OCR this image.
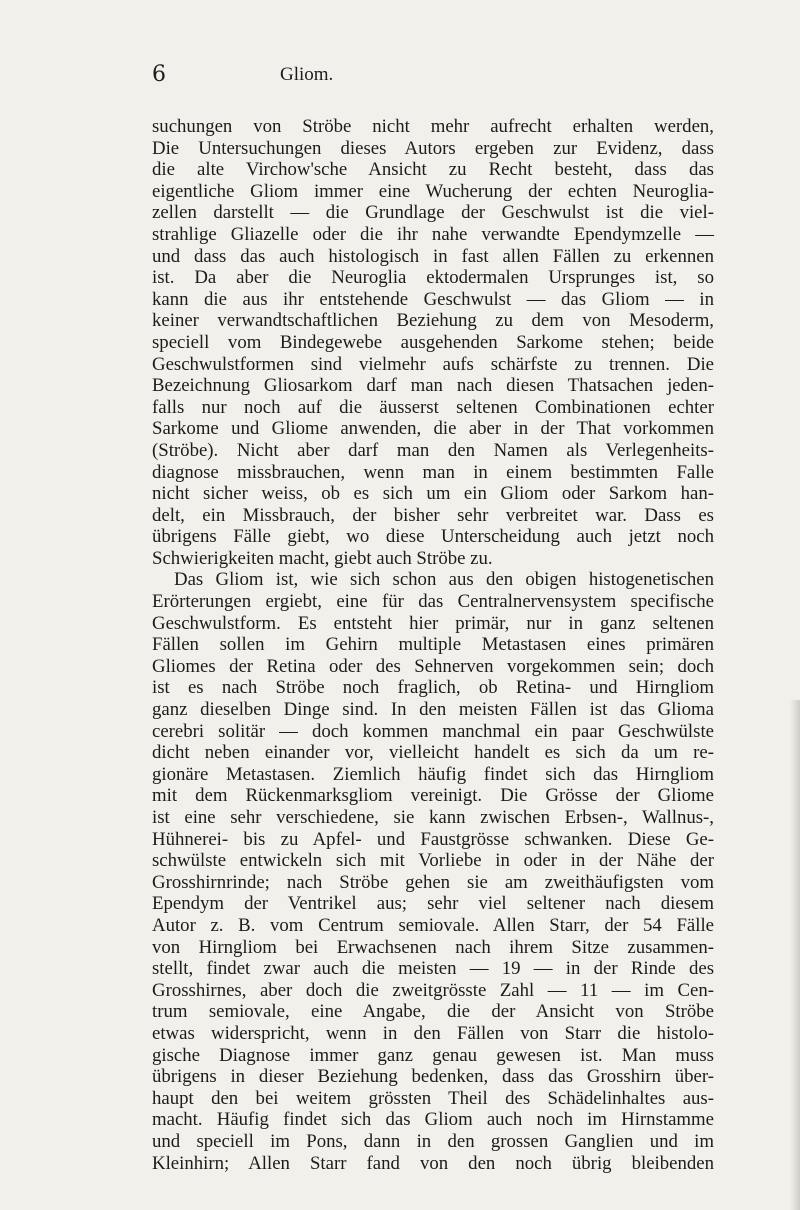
6	Gliom.
suchungen von Ströbe nicht mehr aufrecht erhalten werden,
Die Untersuchungen dieses Autors ergeben zur Evidenz, dass
die alte Virchow'sche Ansicht zu Recht besteht, dass das
eigentliche Gliom immer eine Wucherung der echten Neuroglia-
zellen darstellt — die Grundlage der Geschwulst ist die viel-
strahlige Gliazelle oder die ihr nahe verwandte Ependymzelle —
und dass das auch histologisch in fast allen Fällen zu erkennen
ist. Da aber die Neuroglia ektodermalen Ursprunges ist, so
kann die aus ihr entstehende Geschwulst — das Gliom — in
keiner verwandtschaftlichen Beziehung zu dem von Mesoderm,
speciell vom Bindegewebe ausgehenden Sarkome stehen; beide
Geschwulstformen sind vielmehr aufs schärfste zu trennen. Die
Bezeichnung Gliosarkom darf man nach diesen Thatsachen jeden-
falls nur noch auf die äusserst seltenen Combinationen echter
Sarkome und Gliome anwenden, die aber in der That vorkommen
(Ströbe). Nicht aber darf man den Namen als Verlegenheits-
diagnose missbrauchen, wenn man in einem bestimmten Falle
nicht sicher weiss, ob es sich um ein Gliom oder Sarkom han-
delt, ein Missbrauch, der bisher sehr verbreitet war. Dass es
übrigens Fälle giebt, wo diese Unterscheidung auch jetzt noch
Schwierigkeiten macht, giebt auch Ströbe zu.
Das Gliom ist, wie sich schon aus den obigen histogenetischen
Erörterungen ergiebt, eine für das Centralnervensystem specifische
Geschwulstform. Es entsteht hier primär, nur in ganz seltenen
Fällen sollen im Gehirn multiple Metastasen eines primären
Gliomes der Retina oder des Sehnerven vorgekommen sein; doch
ist es nach Ströbe noch fraglich, ob Retina- und Hirngliom
ganz dieselben Dinge sind. In den meisten Fällen ist das Glioma
cerebri solitär — doch kommen manchmal ein paar Geschwülste
dicht neben einander vor, vielleicht handelt es sich da um re-
gionäre Metastasen. Ziemlich häufig findet sich das Hirngliom
mit dem Rückenmarksgliom vereinigt. Die Grösse der Gliome
ist eine sehr verschiedene, sie kann zwischen Erbsen-, Wallnus-,
Hühnerei- bis zu Apfel- und Faustgrösse schwanken. Diese Ge-
schwülste entwickeln sich mit Vorliebe in oder in der Nähe der
Grosshirnrinde; nach Ströbe gehen sie am zweithäufigsten vom
Ependym der Ventrikel aus; sehr viel seltener nach diesem
Autor z. B. vom Centrum semiovale. Allen Starr, der 54 Fälle
von Hirngliom bei Erwachsenen nach ihrem Sitze zusammen-
stellt, findet zwar auch die meisten — 19 — in der Rinde des
Grosshirnes, aber doch die zweitgrösste Zahl — 11 — im Cen-
trum semiovale, eine Angabe, die der Ansicht von Ströbe
etwas widerspricht, wenn in den Fällen von Starr die histolo-
gische Diagnose immer ganz genau gewesen ist. Man muss
übrigens in dieser Beziehung bedenken, dass das Grosshirn über-
haupt den bei weitem grössten Theil des Schädelinhaltes aus-
macht. Häufig findet sich das Gliom auch noch im Hirnstamme
und speciell im Pons, dann in den grossen Ganglien und im
Kleinhirn; Allen Starr fand von den noch übrig bleibenden
